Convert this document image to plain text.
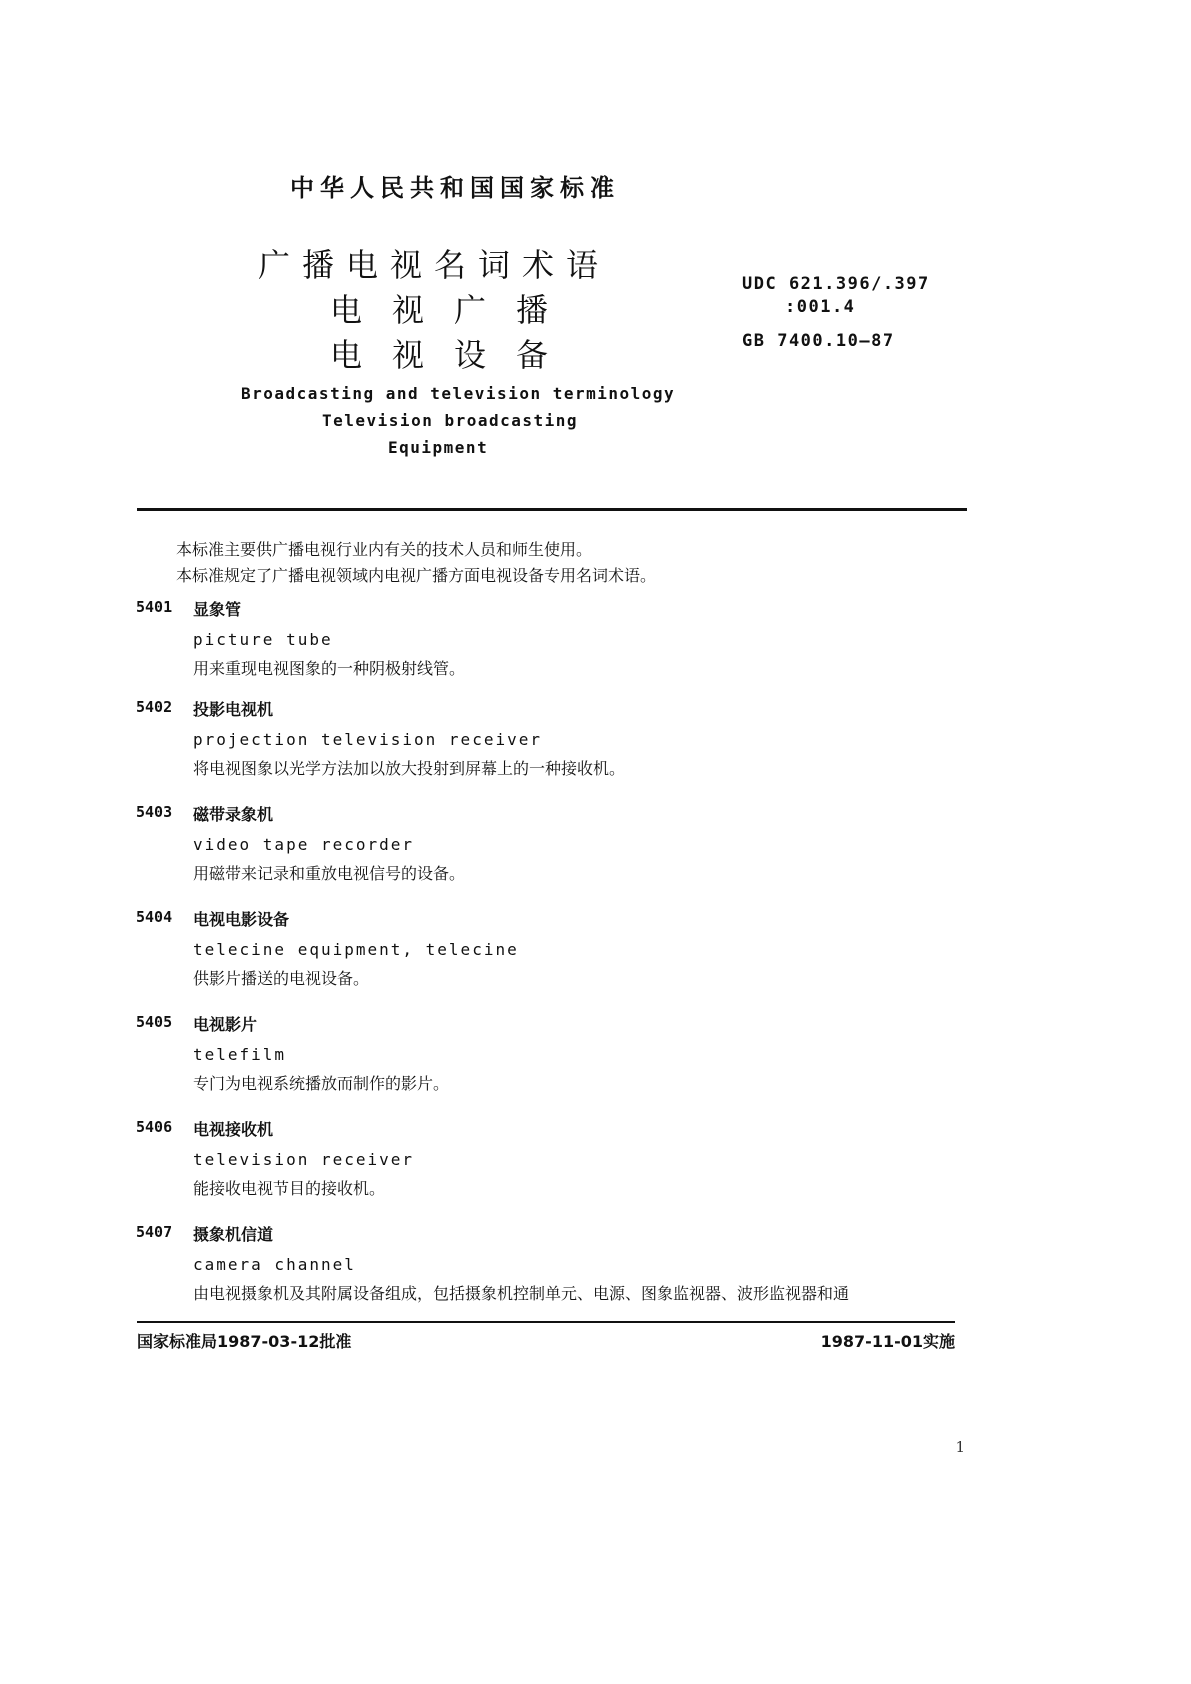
中华人民共和国国家标准
广播电视名词术语
电视广播
电视设备
UDC 621.396/.397
:001.4
GB 7400.10—87
Broadcasting and television terminology
Television broadcasting
Equipment
本标准主要供广播电视行业内有关的技术人员和师生使用。
本标准规定了广播电视领域内电视广播方面电视设备专用名词术语。
5401 显象管
picture tube
用来重现电视图象的一种阴极射线管。
5402 投影电视机
projection television receiver
将电视图象以光学方法加以放大投射到屏幕上的一种接收机。
5403 磁带录象机
video tape recorder
用磁带来记录和重放电视信号的设备。
5404 电视电影设备
telecine equipment, telecine
供影片播送的电视设备。
5405 电视影片
telefilm
专门为电视系统播放而制作的影片。
5406 电视接收机
television receiver
能接收电视节目的接收机。
5407 摄象机信道
camera channel
由电视摄象机及其附属设备组成，包括摄象机控制单元、电源、图象监视器、波形监视器和通
国家标准局1987-03-12批准	1987-11-01实施
1
